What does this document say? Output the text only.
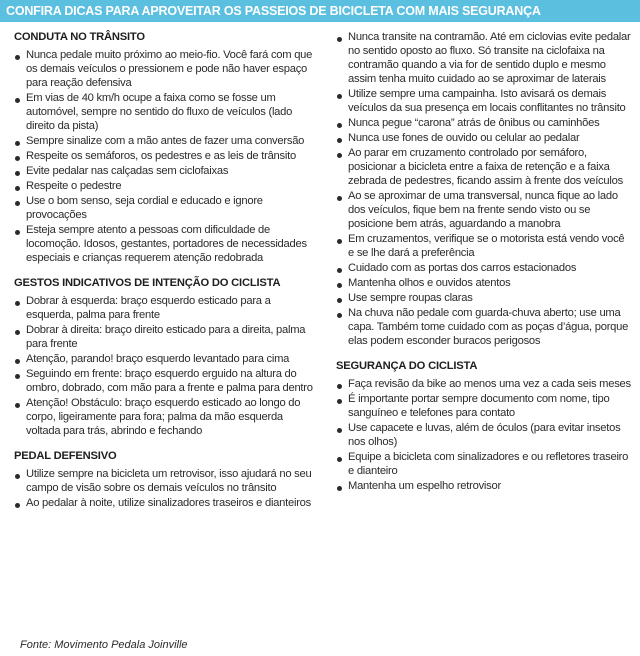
CONFIRA DICAS PARA APROVEITAR OS PASSEIOS DE BICICLETA COM MAIS SEGURANÇA
CONDUTA NO TRÂNSITO
Nunca pedale muito próximo ao meio-fio. Você fará com que os demais veículos o pressionem e pode não haver espaço para reação defensiva
Em vias de 40 km/h ocupe a faixa como se fosse um automóvel, sempre no sentido do fluxo de veículos (lado direito da pista)
Sempre sinalize com a mão antes de fazer uma conversão
Respeite os semáforos, os pedestres e as leis de trânsito
Evite pedalar nas calçadas sem ciclofaixas
Respeite o pedestre
Use o bom senso, seja cordial e educado e ignore provocações
Esteja sempre atento a pessoas com dificuldade de locomoção. Idosos, gestantes, portadores de necessidades especiais e crianças requerem atenção redobrada
GESTOS INDICATIVOS DE INTENÇÃO DO CICLISTA
Dobrar à esquerda: braço esquerdo esticado para a esquerda, palma para frente
Dobrar à direita: braço direito esticado para a direita, palma para frente
Atenção, parando! braço esquerdo levantado para cima
Seguindo em frente: braço esquerdo erguido na altura do ombro, dobrado, com mão para a frente e palma para dentro
Atenção! Obstáculo: braço esquerdo esticado ao longo do corpo, ligeiramente para fora; palma da mão esquerda voltada para trás, abrindo e fechando
PEDAL DEFENSIVO
Utilize sempre na bicicleta um retrovisor, isso ajudará no seu campo de visão sobre os demais veículos no trânsito
Ao pedalar à noite, utilize sinalizadores traseiros e dianteiros
Nunca transite na contramão. Até em ciclovias evite pedalar no sentido oposto ao fluxo. Só transite na ciclofaixa na contramão quando a via for de sentido duplo e mesmo assim tenha muito cuidado ao se aproximar de laterais
Utilize sempre uma campainha. Isto avisará os demais veículos da sua presença em locais conflitantes no trânsito
Nunca pegue “carona” atrás de ônibus ou caminhões
Nunca use fones de ouvido ou celular ao pedalar
Ao parar em cruzamento controlado por semáforo, posicionar a bicicleta entre a faixa de retenção e a faixa zebrada de pedestres, ficando assim à frente dos veículos
Ao se aproximar de uma transversal, nunca fique ao lado dos veículos, fique bem na frente sendo visto ou se posicione bem atrás, aguardando a manobra
Em cruzamentos, verifique se o motorista está vendo você e se lhe dará a preferência
Cuidado com as portas dos carros estacionados
Mantenha olhos e ouvidos atentos
Use sempre roupas claras
Na chuva não pedale com guarda-chuva aberto; use uma capa. Também tome cuidado com as poças d’água, porque elas podem esconder buracos perigosos
SEGURANÇA DO CICLISTA
Faça revisão da bike ao menos uma vez a cada seis meses
É importante portar sempre documento com nome, tipo sanguíneo e telefones para contato
Use capacete e luvas, além de óculos (para evitar insetos nos olhos)
Equipe a bicicleta com sinalizadores e ou refletores traseiro e dianteiro
Mantenha um espelho retrovisor
Fonte: Movimento Pedala Joinville
